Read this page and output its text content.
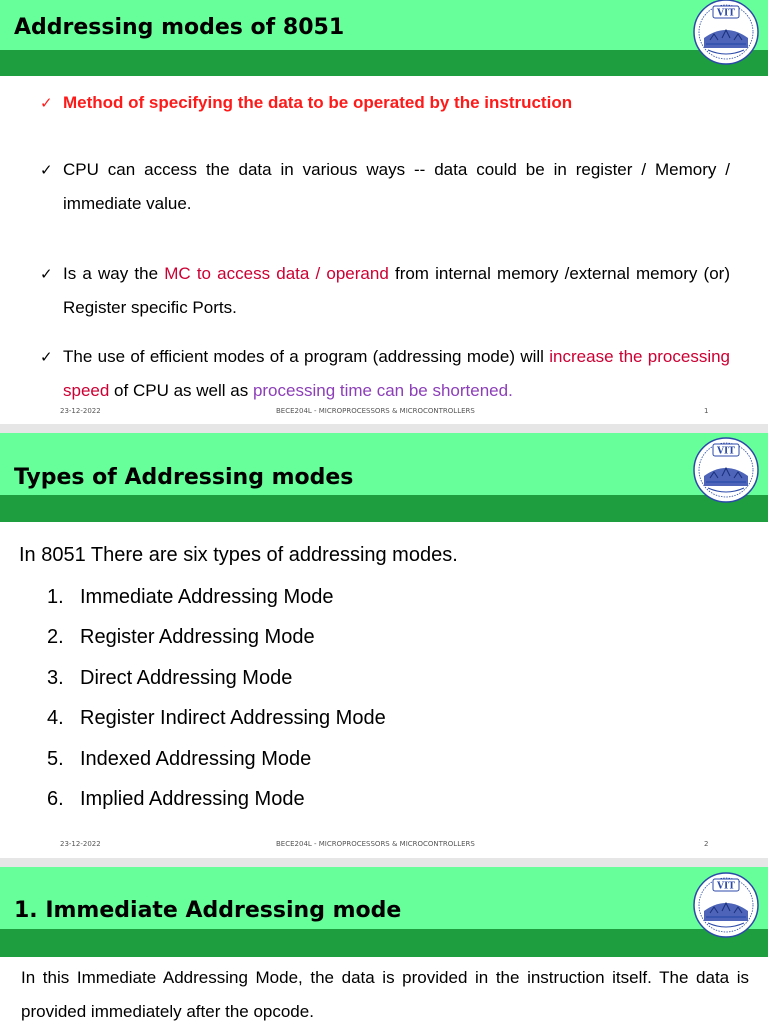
Addressing modes of 8051
VIT
✓ Method of specifying the data to be operated by the instruction
✓ CPU can access the data in various ways -- data could be in register / Memory / immediate value.
✓ Is a way the MC to access data / operand from internal memory /external memory (or) Register specific Ports.
✓ The use of efficient modes of a program (addressing mode) will increase the processing speed of CPU as well as processing time can be shortened.
23-12-2022	BECE204L - MICROPROCESSORS & MICROCONTROLLERS	1
Types of Addressing modes
VIT

In 8051 There are six types of addressing modes.

1. Immediate Addressing Mode
2. Register Addressing Mode
3. Direct Addressing Mode
4. Register Indirect Addressing Mode
5. Indexed Addressing Mode
6. Implied Addressing Mode
23-12-2022	BECE204L - MICROPROCESSORS & MICROCONTROLLERS	2
1. Immediate Addressing mode
VIT

In this Immediate Addressing Mode, the data is provided in the instruction itself. The data is provided immediately after the opcode.
